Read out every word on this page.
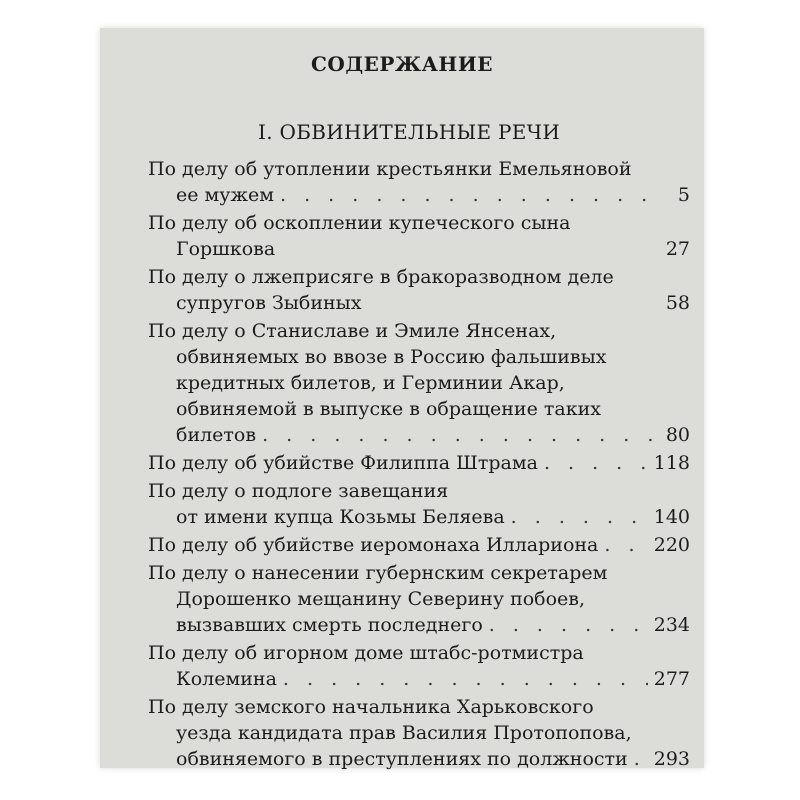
СОДЕРЖАНИЕ
I. ОБВИНИТЕЛЬНЫЕ РЕЧИ
По делу об утоплении крестьянки Емельяновой
ее мужем . . .	5
По делу об оскоплении купеческого сына
Горшкова	27
По делу о лжеприсяге в бракоразводном деле
супругов Зыбиных	58
По делу о Станиславе и Эмиле Янсенах,
обвиняемых во ввозе в Россию фальшивых
кредитных билетов, и Герминии Акар,
обвиняемой в выпуске в обращение таких
билетов . . .	80
По делу об убийстве Филиппа Штрама . . .	118
По делу о подлоге завещания
от имени купца Козьмы Беляева . . .	140
По делу об убийстве иеромонаха Иллариона . . .	220
По делу о нанесении губернским секретарем
Дорошенко мещанину Северину побоев,
вызвавших смерть последнего . . .	234
По делу об игорном доме штабс-ротмистра
Колемина . . .	277
По делу земского начальника Харьковского
уезда кандидата прав Василия Протопопова,
обвиняемого в преступлениях по должности . . . 293
